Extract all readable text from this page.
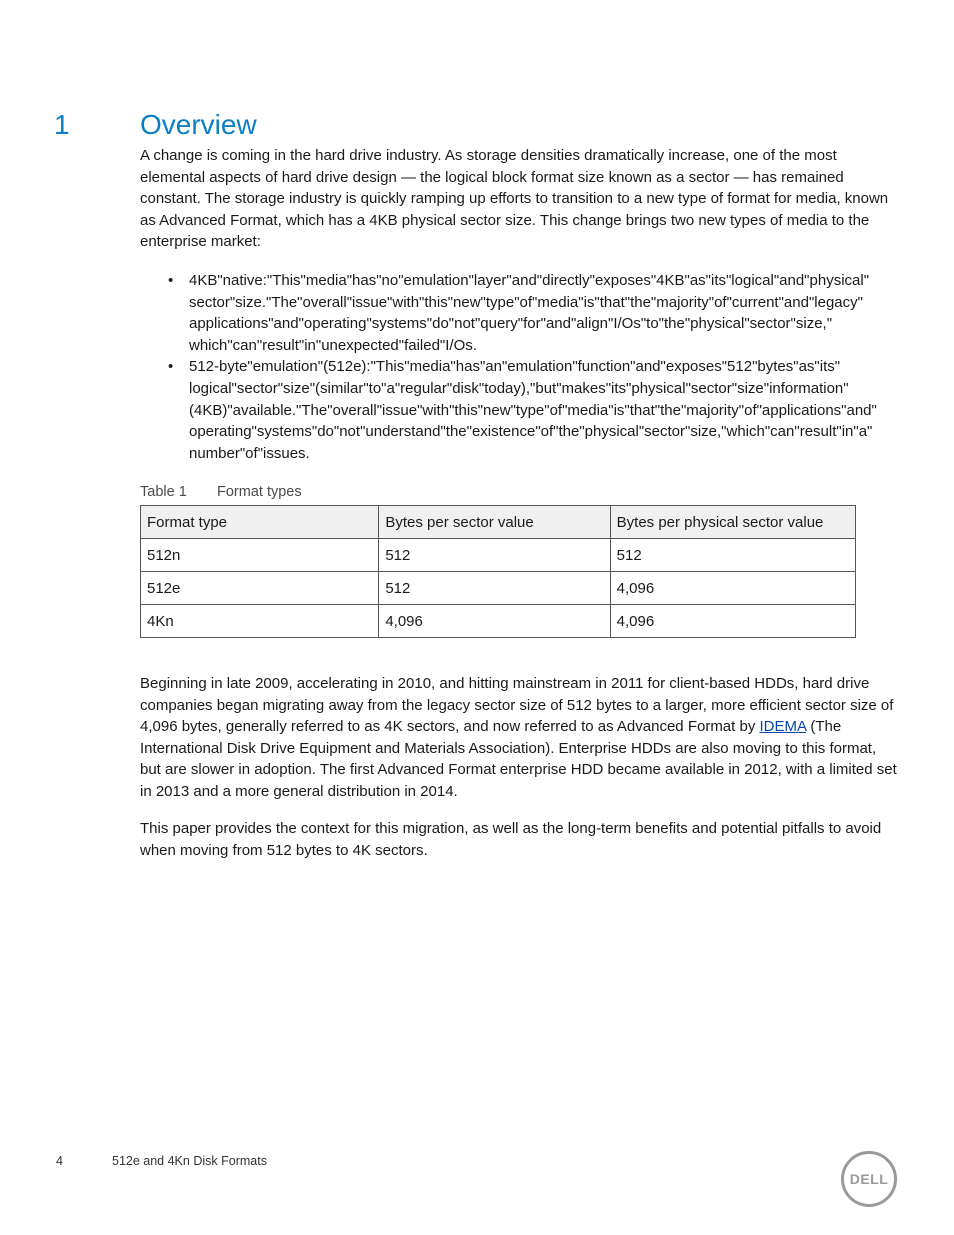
1	Overview

A change is coming in the hard drive industry. As storage densities dramatically increase, one of the most elemental aspects of hard drive design — the logical block format size known as a sector — has remained constant. The storage industry is quickly ramping up efforts to transition to a new type of format for media, known as Advanced Format, which has a 4KB physical sector size. This change brings two new types of media to the enterprise market:

• 4KB"native:"This"media"has"no"emulation"layer"and"directly"exposes"4KB"as"its"logical"and"physical" sector"size."The"overall"issue"with"this"new"type"of"media"is"that"the"majority"of"current"and"legacy" applications"and"operating"systems"do"not"query"for"and"align"I/Os"to"the"physical"sector"size," which"can"result"in"unexpected"failed"I/Os.
• 512-byte"emulation"(512e):"This"media"has"an"emulation"function"and"exposes"512"bytes"as"its" logical"sector"size"(similar"to"a"regular"disk"today),"but"makes"its"physical"sector"size"information" (4KB)"available."The"overall"issue"with"this"new"type"of"media"is"that"the"majority"of"applications"and" operating"systems"do"not"understand"the"existence"of"the"physical"sector"size,"which"can"result"in"a" number"of"issues.
Table 1 Format types
Format type	Bytes per sector value	Bytes per physical sector value
512n	512	512
512e	512	4,096
4Kn	4,096	4,096

Beginning in late 2009, accelerating in 2010, and hitting mainstream in 2011 for client-based HDDs, hard drive companies began migrating away from the legacy sector size of 512 bytes to a larger, more efficient sector size of 4,096 bytes, generally referred to as 4K sectors, and now referred to as Advanced Format by IDEMA (The International Disk Drive Equipment and Materials Association). Enterprise HDDs are also moving to this format, but are slower in adoption. The first Advanced Format enterprise HDD became available in 2012, with a limited set in 2013 and a more general distribution in 2014.

This paper provides the context for this migration, as well as the long-term benefits and potential pitfalls to avoid when moving from 512 bytes to 4K sectors.

4	512e and 4Kn Disk Formats
DELL
